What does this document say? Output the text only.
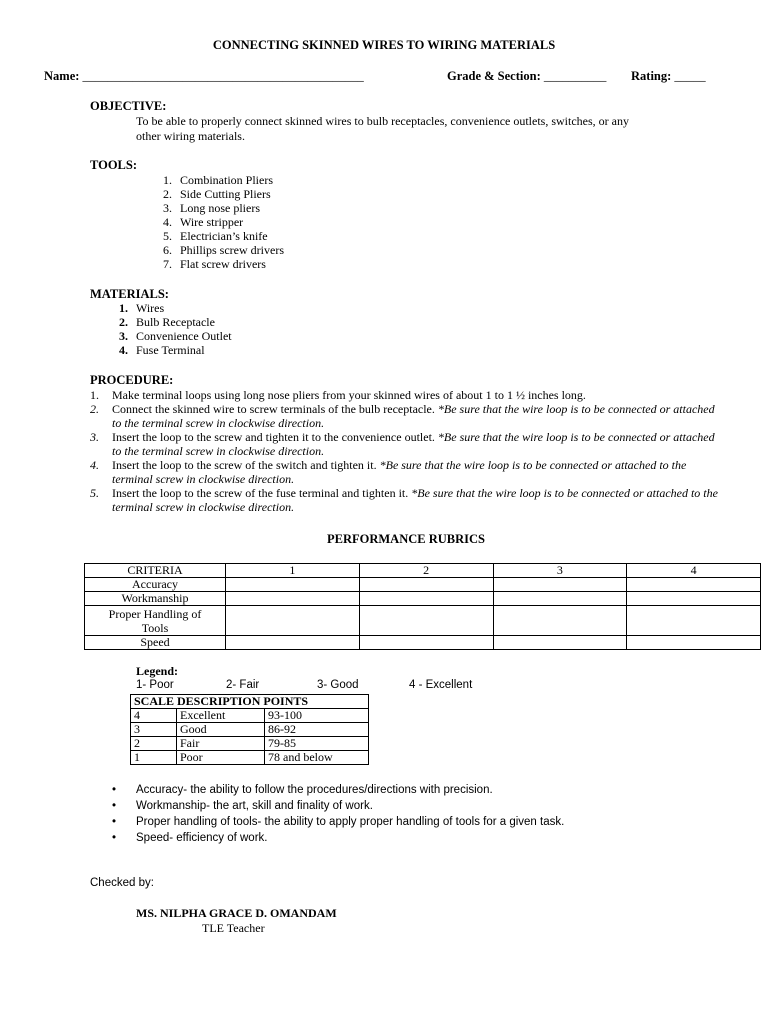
CONNECTING SKINNED WIRES TO WIRING MATERIALS
Name: _____________________________________________	Grade & Section: __________ Rating: _____
OBJECTIVE:
To be able to properly connect skinned wires to bulb receptacles, convenience outlets, switches, or any
other wiring materials.
TOOLS:
1. Combination Pliers
2. Side Cutting Pliers
3. Long nose pliers
4. Wire stripper
5. Electrician’s knife
6. Phillips screw drivers
7. Flat screw drivers
MATERIALS:
1. Wires
2. Bulb Receptacle
3. Convenience Outlet
4. Fuse Terminal
PROCEDURE:
1.	Make terminal loops using long nose pliers from your skinned wires of about 1 to 1 ½ inches long.
2.	Connect the skinned wire to screw terminals of the bulb receptacle. *Be sure that the wire loop is to be connected or attached to the terminal screw in clockwise direction.
3.	Insert the loop to the screw and tighten it to the convenience outlet. *Be sure that the wire loop is to be connected or attached to the terminal screw in clockwise direction.
4.	Insert the loop to the screw of the switch and tighten it. *Be sure that the wire loop is to be connected or attached to the terminal screw in clockwise direction.
5.	Insert the loop to the screw of the fuse terminal and tighten it. *Be sure that the wire loop is to be connected or attached to the terminal screw in clockwise direction.
PERFORMANCE RUBRICS
CRITERIA	1	2	3	4
Accuracy				
Workmanship				
Proper Handling of
Tools				
Speed				
Legend:
1- Poor	2- Fair	3- Good	4 - Excellent
SCALE DESCRIPTION POINTS		
4	Excellent	93-100
3	Good	86-92
2	Fair	79-85
1	Poor	78 and below
•	Accuracy- the ability to follow the procedures/directions with precision.
•	Workmanship- the art, skill and finality of work.
•	Proper handling of tools- the ability to apply proper handling of tools for a given task.
•	Speed- efficiency of work.
Checked by:
MS. NILPHA GRACE D. OMANDAM
TLE Teacher
